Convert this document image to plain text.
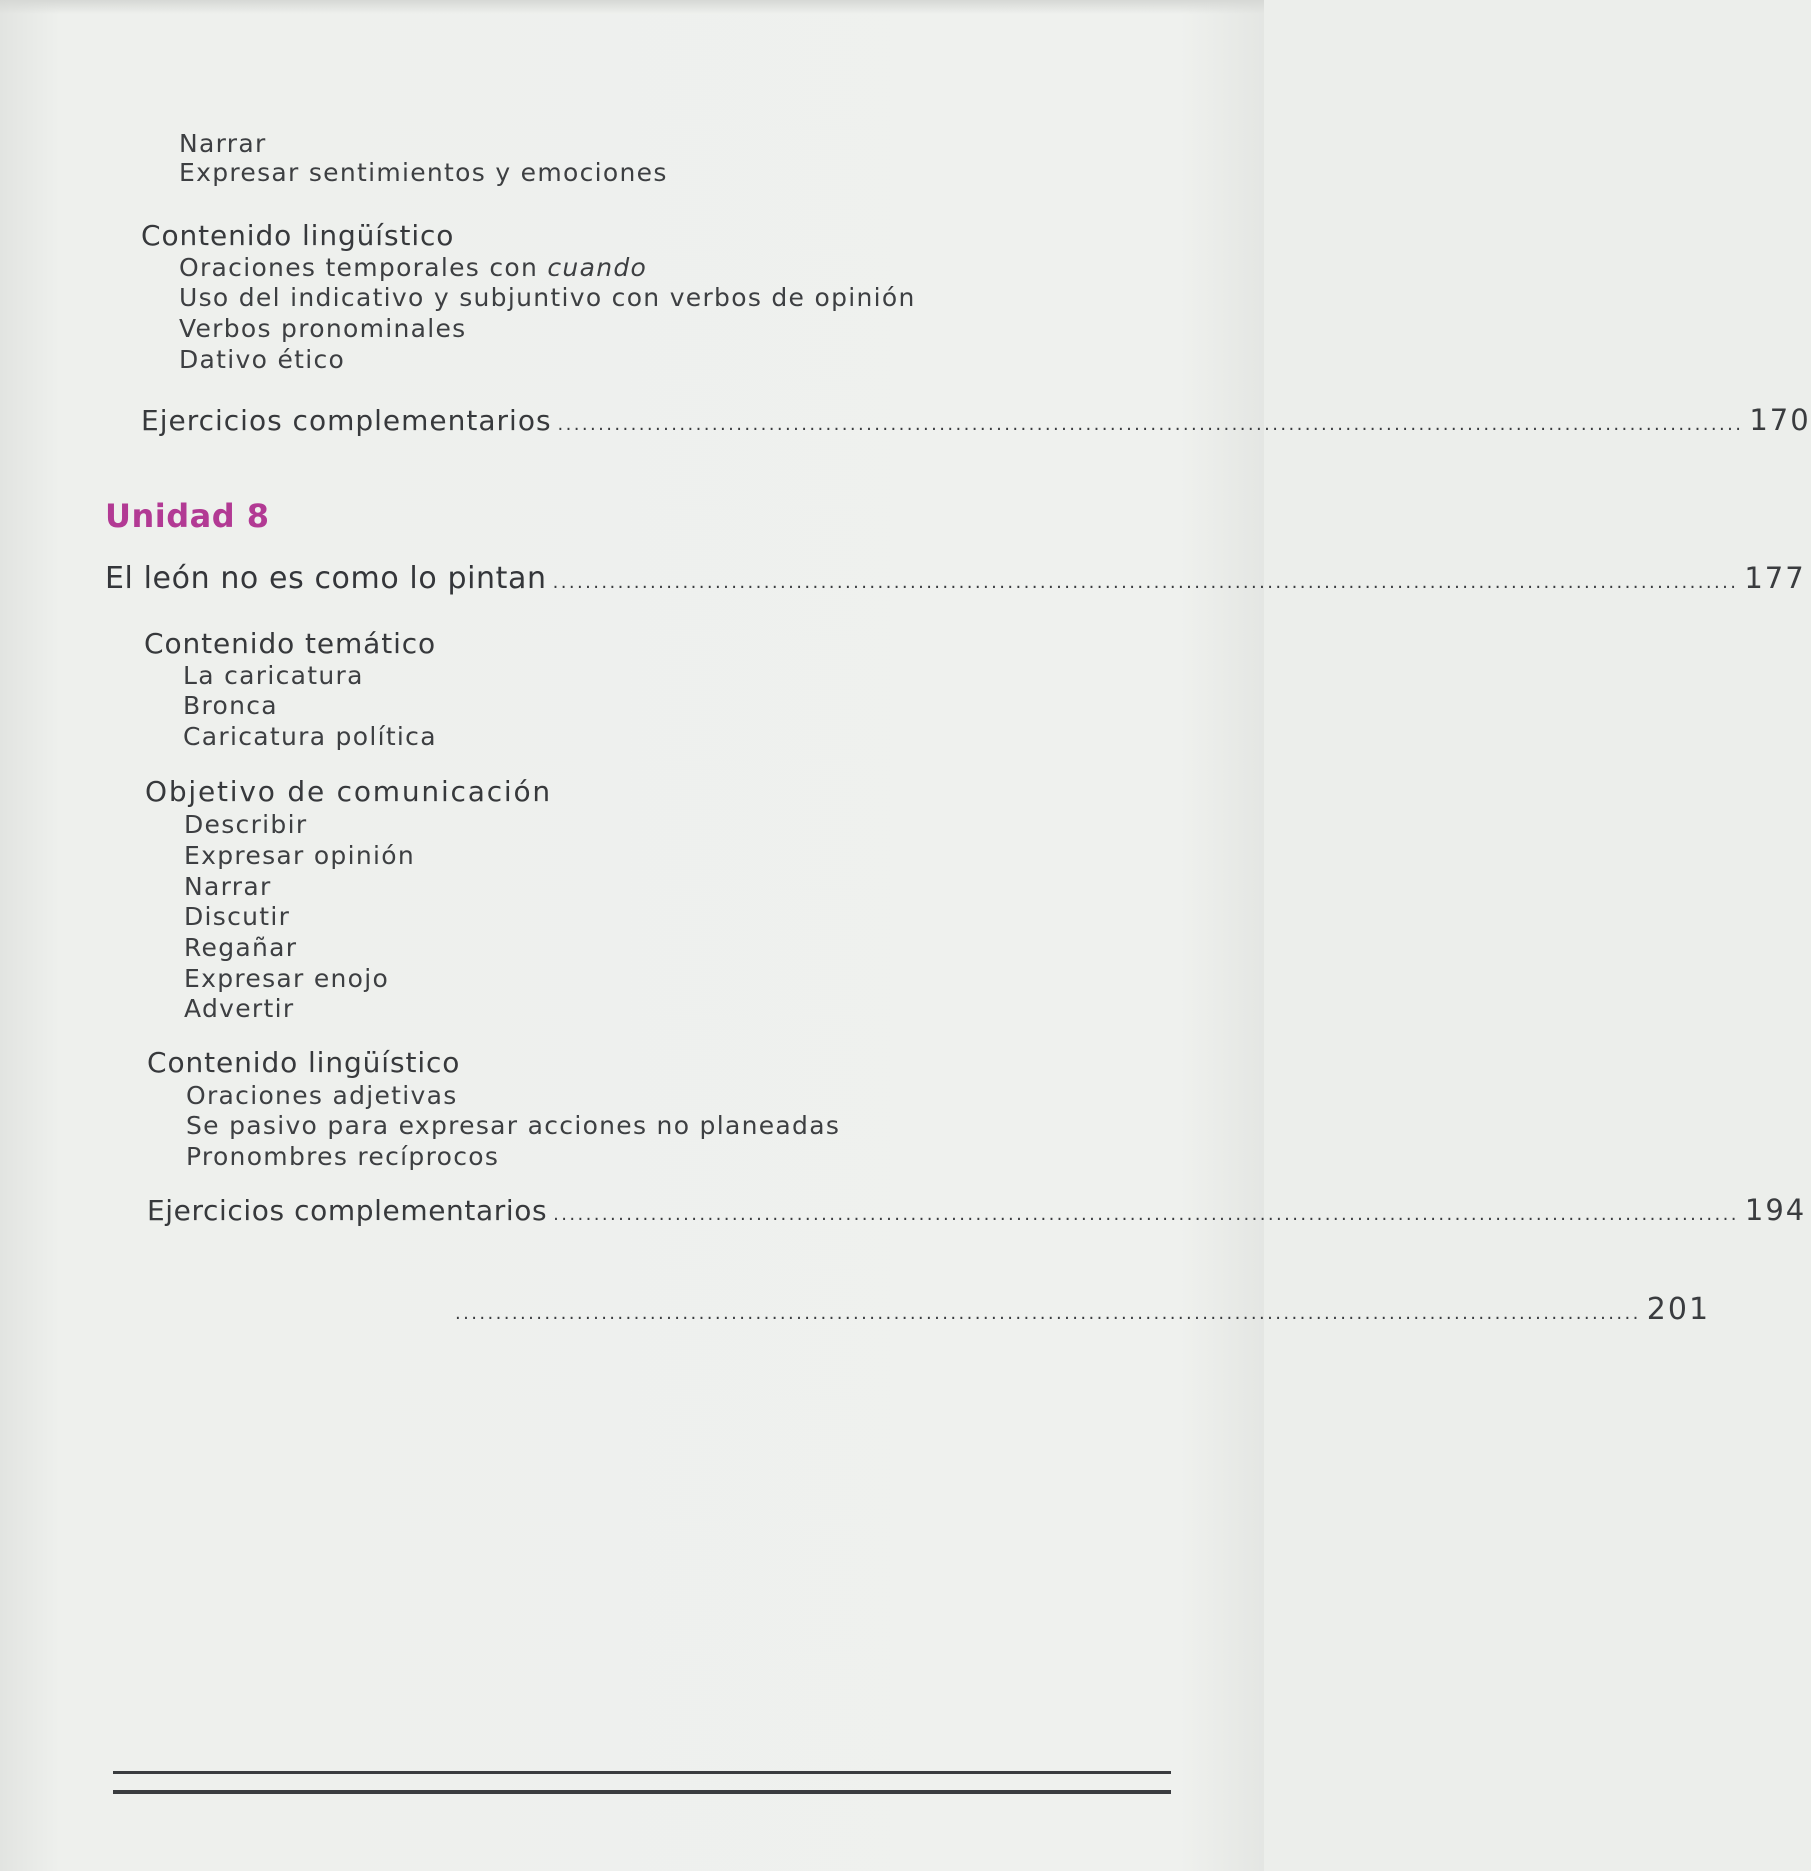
Narrar
Expresar sentimientos y emociones
Contenido lingüístico
Oraciones temporales con cuando
Uso del indicativo y subjuntivo con verbos de opinión
Verbos pronominales
Dativo ético
Ejercicios complementarios .................................................................................................................................................. 170
Unidad 8
El león no es como lo pintan .................................................................................................................................................. 177
Contenido temático
La caricatura
Bronca
Caricatura política
Objetivo de comunicación
Describir
Expresar opinión
Narrar
Discutir
Regañar
Expresar enojo
Advertir
Contenido lingüístico
Oraciones adjetivas
Se pasivo para expresar acciones no planeadas
Pronombres recíprocos
Ejercicios complementarios .................................................................................................................................................. 194
.................................................................................................................................................. 201
